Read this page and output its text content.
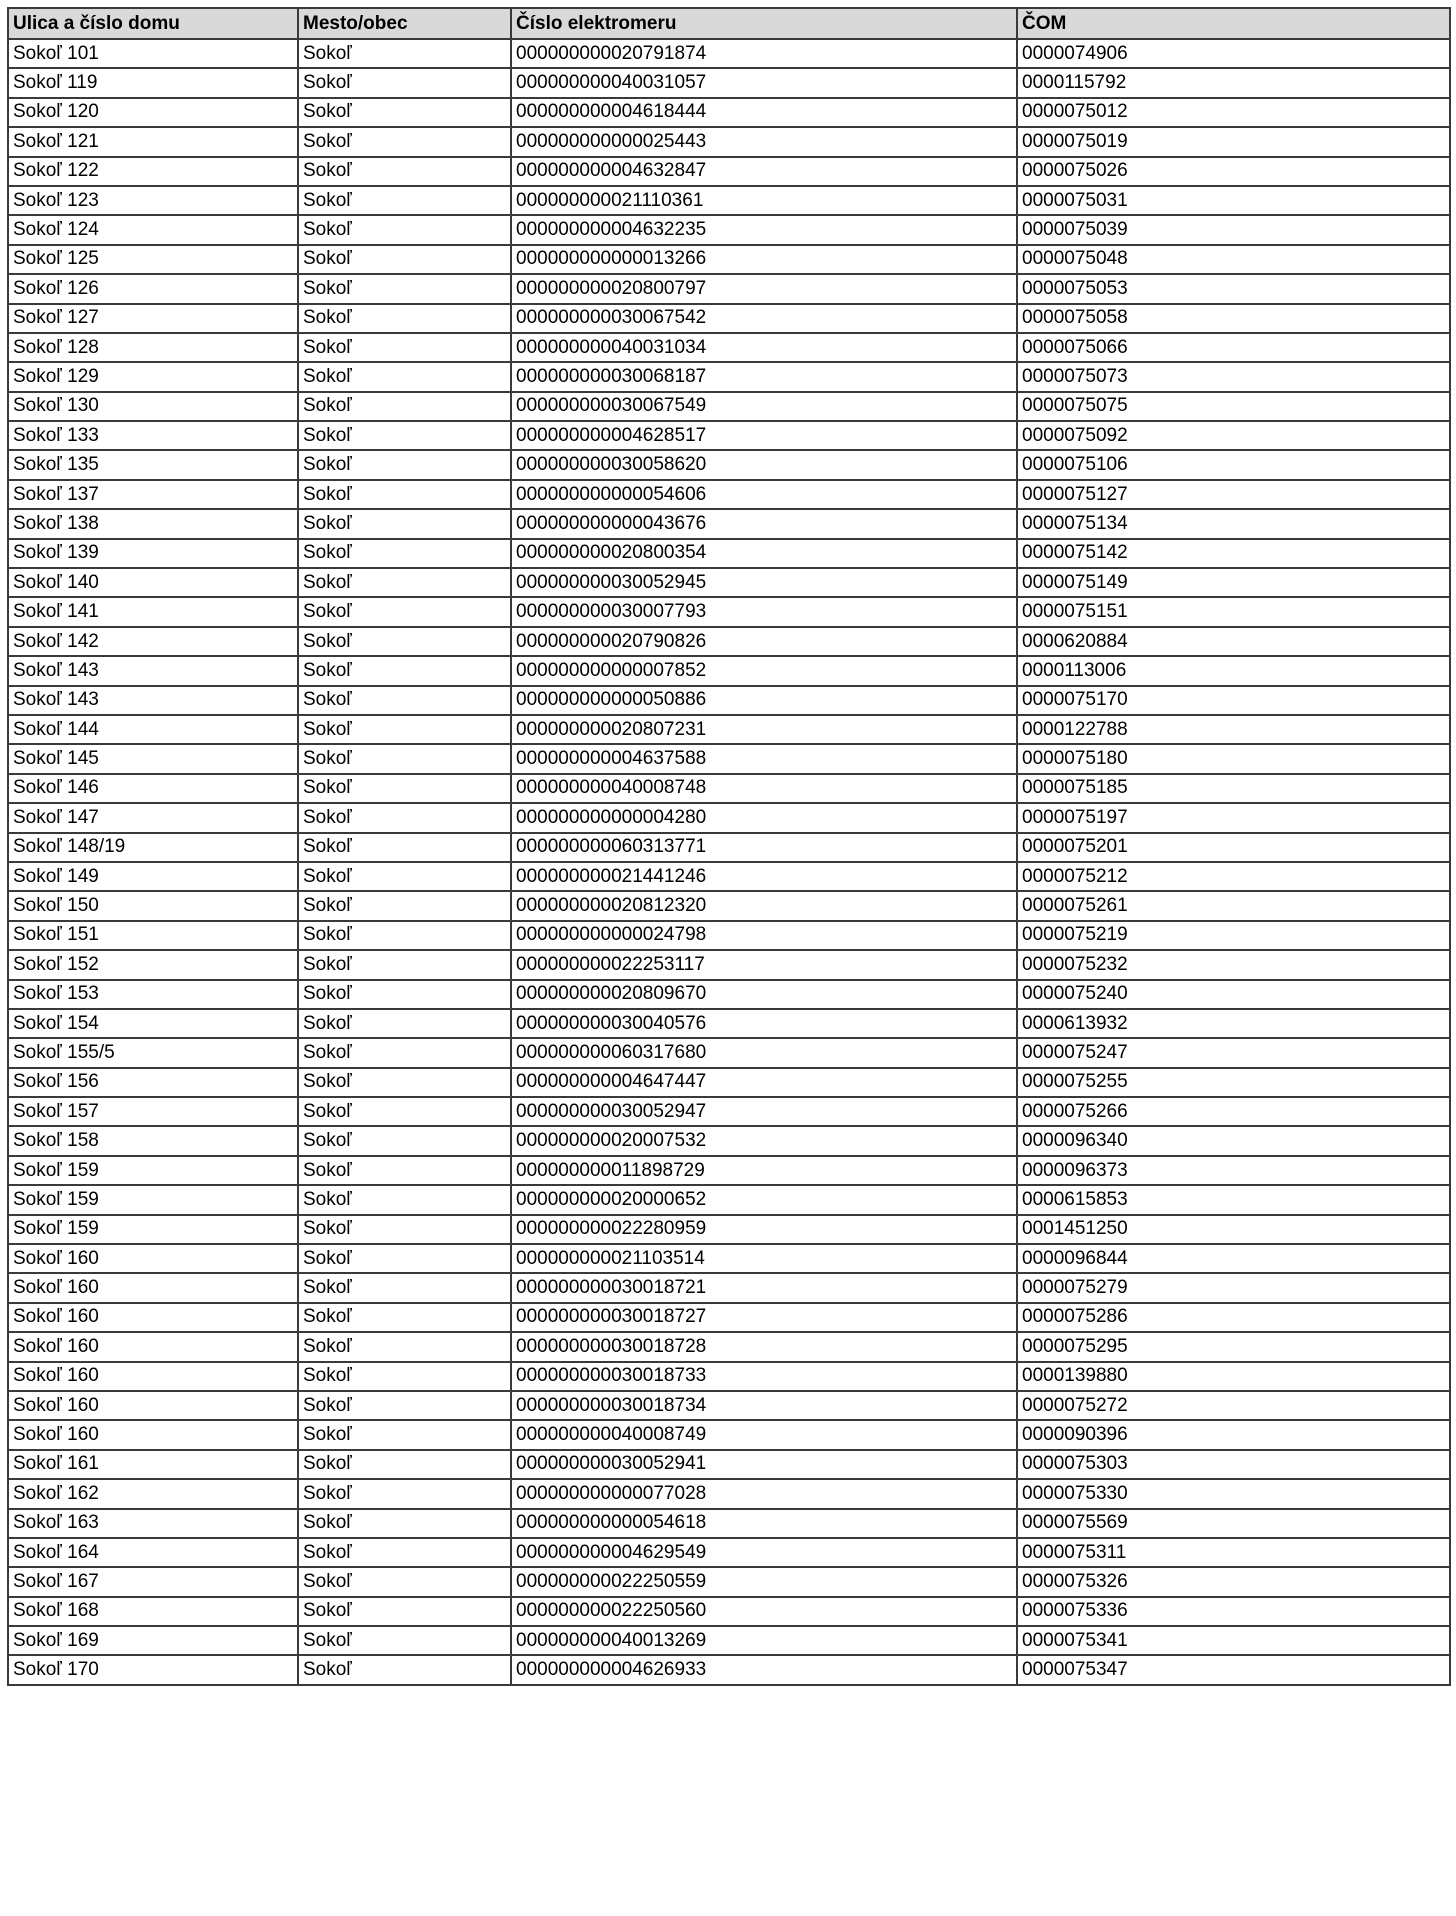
Ulica a číslo domu	Mesto/obec	Číslo elektromeru	ČOM
Sokoľ 101	Sokoľ	000000000020791874	0000074906
Sokoľ 119	Sokoľ	000000000040031057	0000115792
Sokoľ 120	Sokoľ	000000000004618444	0000075012
Sokoľ 121	Sokoľ	000000000000025443	0000075019
Sokoľ 122	Sokoľ	000000000004632847	0000075026
Sokoľ 123	Sokoľ	000000000021110361	0000075031
Sokoľ 124	Sokoľ	000000000004632235	0000075039
Sokoľ 125	Sokoľ	000000000000013266	0000075048
Sokoľ 126	Sokoľ	000000000020800797	0000075053
Sokoľ 127	Sokoľ	000000000030067542	0000075058
Sokoľ 128	Sokoľ	000000000040031034	0000075066
Sokoľ 129	Sokoľ	000000000030068187	0000075073
Sokoľ 130	Sokoľ	000000000030067549	0000075075
Sokoľ 133	Sokoľ	000000000004628517	0000075092
Sokoľ 135	Sokoľ	000000000030058620	0000075106
Sokoľ 137	Sokoľ	000000000000054606	0000075127
Sokoľ 138	Sokoľ	000000000000043676	0000075134
Sokoľ 139	Sokoľ	000000000020800354	0000075142
Sokoľ 140	Sokoľ	000000000030052945	0000075149
Sokoľ 141	Sokoľ	000000000030007793	0000075151
Sokoľ 142	Sokoľ	000000000020790826	0000620884
Sokoľ 143	Sokoľ	000000000000007852	0000113006
Sokoľ 143	Sokoľ	000000000000050886	0000075170
Sokoľ 144	Sokoľ	000000000020807231	0000122788
Sokoľ 145	Sokoľ	000000000004637588	0000075180
Sokoľ 146	Sokoľ	000000000040008748	0000075185
Sokoľ 147	Sokoľ	000000000000004280	0000075197
Sokoľ 148/19	Sokoľ	000000000060313771	0000075201
Sokoľ 149	Sokoľ	000000000021441246	0000075212
Sokoľ 150	Sokoľ	000000000020812320	0000075261
Sokoľ 151	Sokoľ	000000000000024798	0000075219
Sokoľ 152	Sokoľ	000000000022253117	0000075232
Sokoľ 153	Sokoľ	000000000020809670	0000075240
Sokoľ 154	Sokoľ	000000000030040576	0000613932
Sokoľ 155/5	Sokoľ	000000000060317680	0000075247
Sokoľ 156	Sokoľ	000000000004647447	0000075255
Sokoľ 157	Sokoľ	000000000030052947	0000075266
Sokoľ 158	Sokoľ	000000000020007532	0000096340
Sokoľ 159	Sokoľ	000000000011898729	0000096373
Sokoľ 159	Sokoľ	000000000020000652	0000615853
Sokoľ 159	Sokoľ	000000000022280959	0001451250
Sokoľ 160	Sokoľ	000000000021103514	0000096844
Sokoľ 160	Sokoľ	000000000030018721	0000075279
Sokoľ 160	Sokoľ	000000000030018727	0000075286
Sokoľ 160	Sokoľ	000000000030018728	0000075295
Sokoľ 160	Sokoľ	000000000030018733	0000139880
Sokoľ 160	Sokoľ	000000000030018734	0000075272
Sokoľ 160	Sokoľ	000000000040008749	0000090396
Sokoľ 161	Sokoľ	000000000030052941	0000075303
Sokoľ 162	Sokoľ	000000000000077028	0000075330
Sokoľ 163	Sokoľ	000000000000054618	0000075569
Sokoľ 164	Sokoľ	000000000004629549	0000075311
Sokoľ 167	Sokoľ	000000000022250559	0000075326
Sokoľ 168	Sokoľ	000000000022250560	0000075336
Sokoľ 169	Sokoľ	000000000040013269	0000075341
Sokoľ 170	Sokoľ	000000000004626933	0000075347
